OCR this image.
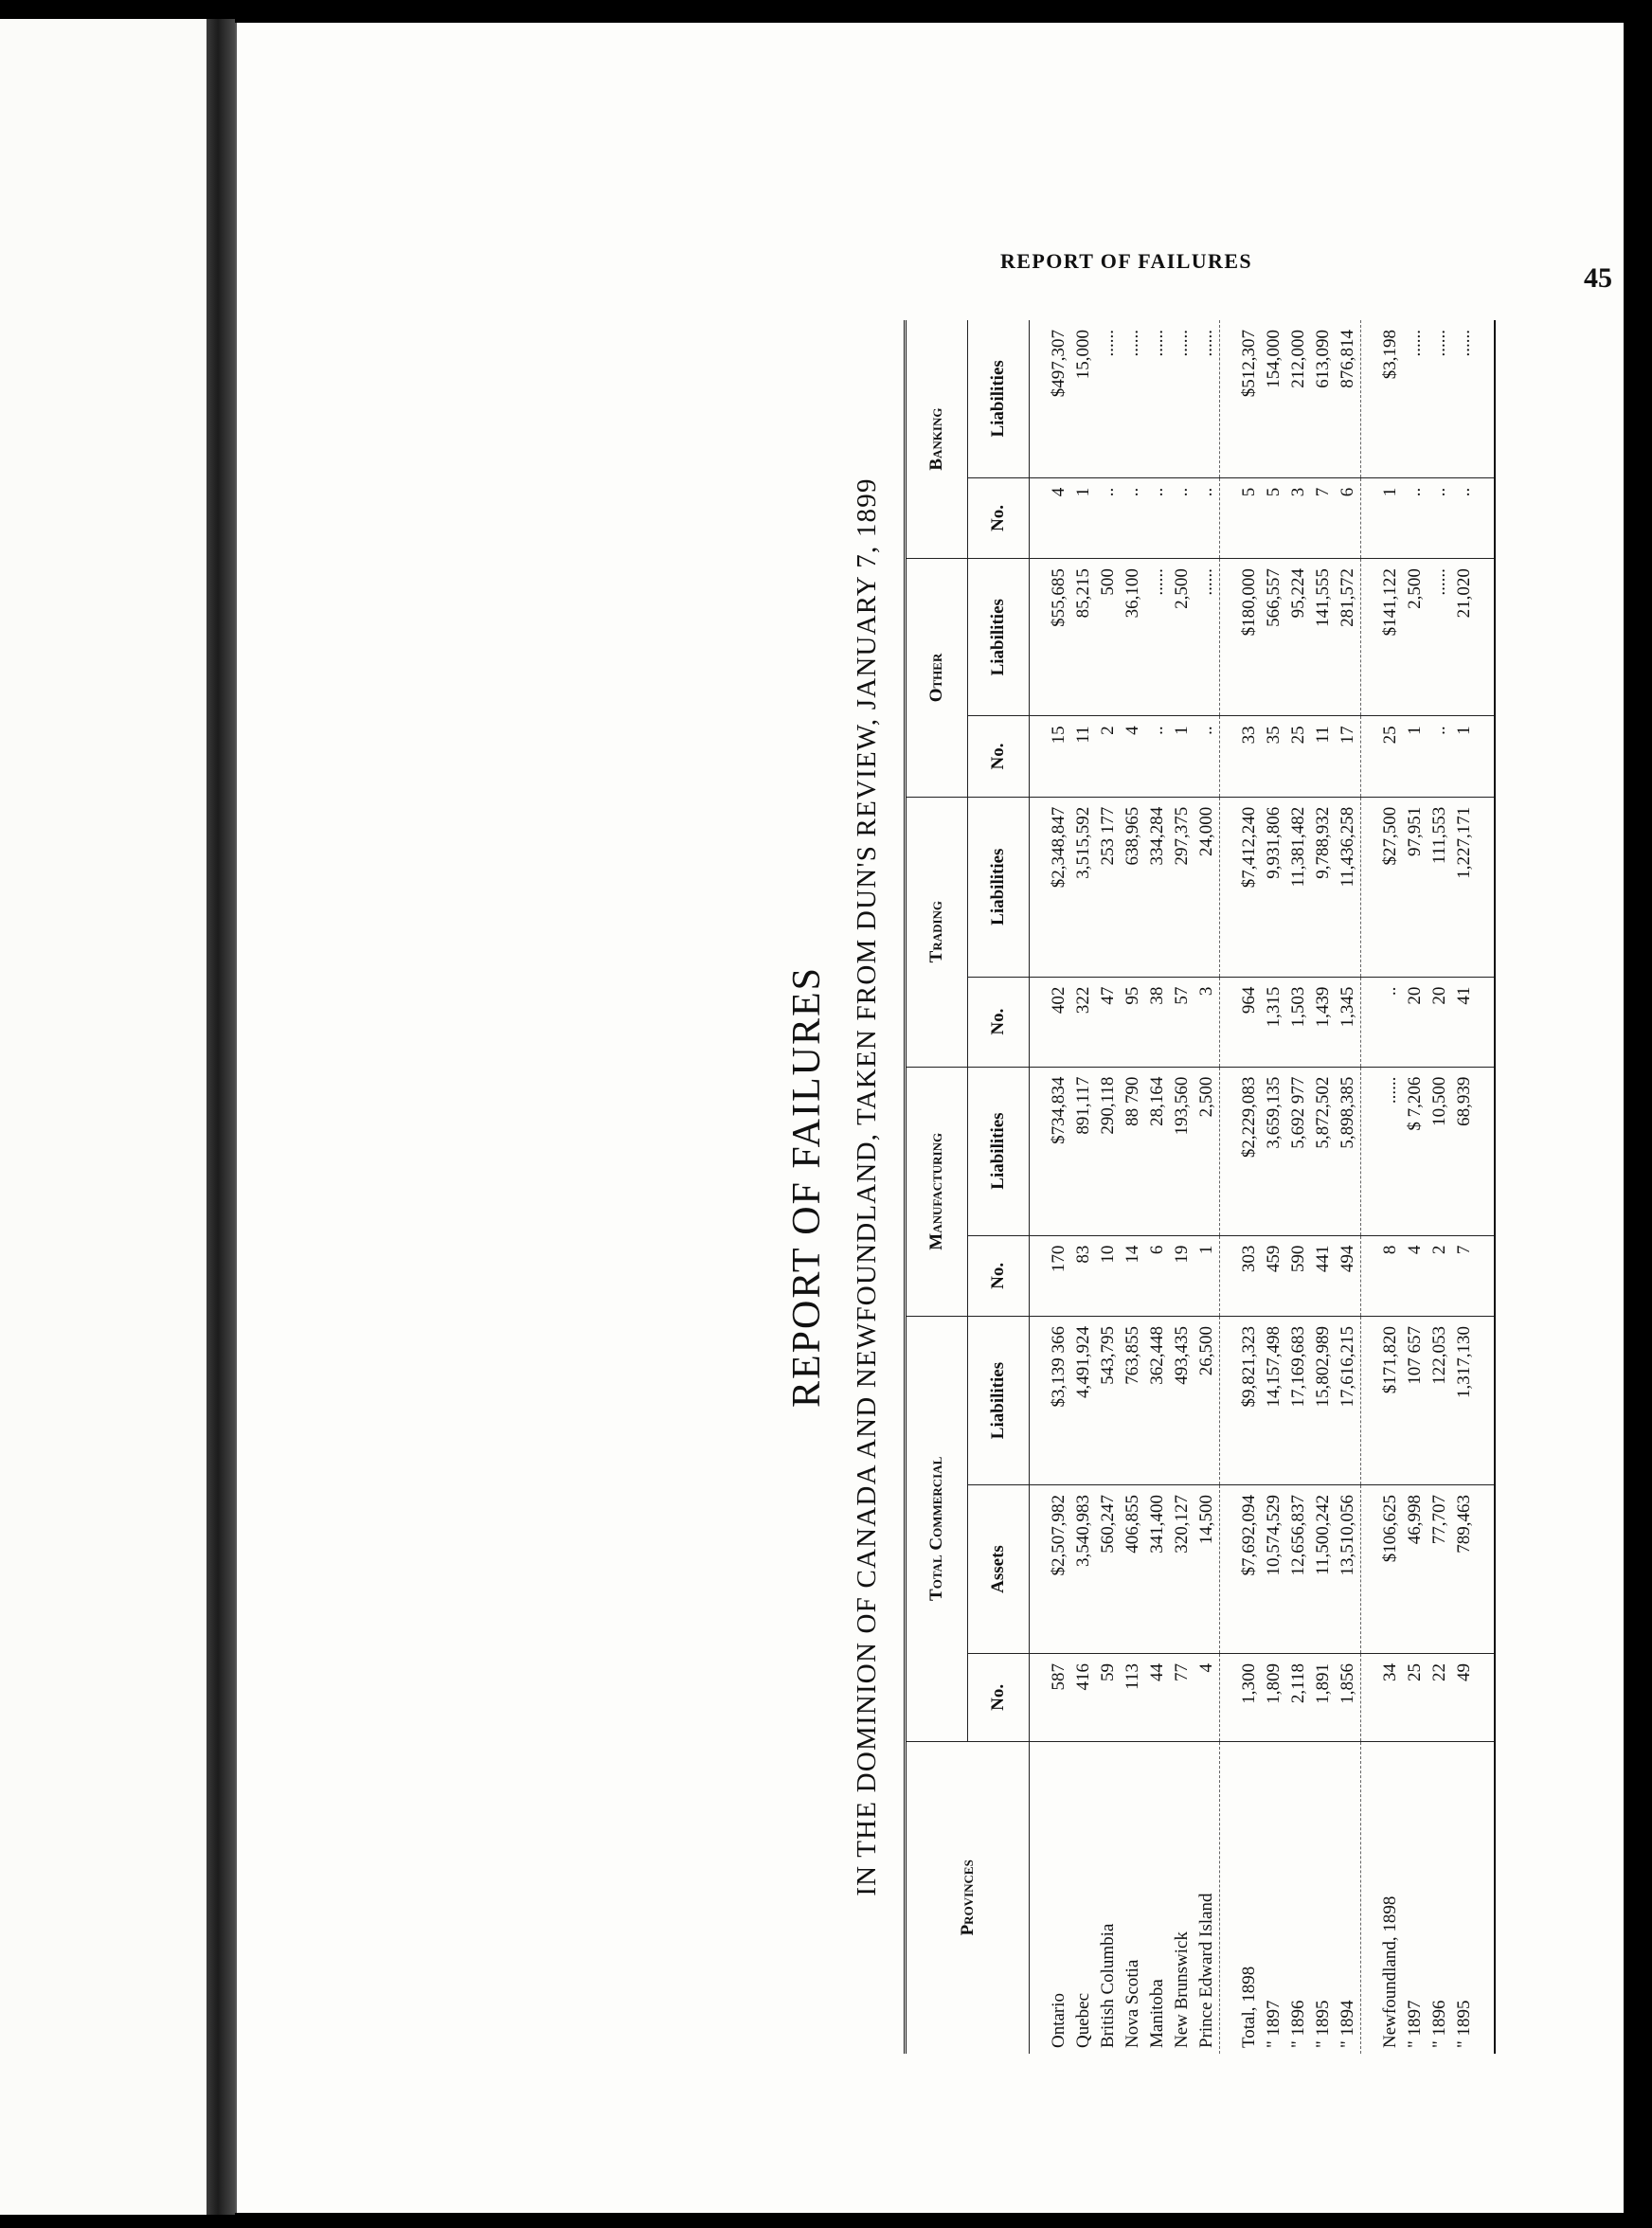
REPORT OF FAILURES
45
REPORT OF FAILURES IN THE DOMINION OF CANADA AND NEWFOUNDLAND, TAKEN FROM DUN'S REVIEW, JANUARY 7, 1899
Provinces	Total Commercial			Manufacturing		Trading		Other		Banking	
	No.	Assets	Liabilities	No.	Liabilities	No.	Liabilities	No.	Liabilities	No.	Liabilities

Ontario	587	$2,507,982	$3,139 366	170	$734,834	402	$2,348,847	15	$55,685	4	$497,307
Quebec	416	3,540,983	4,491,924	83	891,117	322	3,515,592	11	85,215	1	15,000
British Columbia	59	560,247	543,795	10	290,118	47	253 177	2	500	..	......
Nova Scotia	113	406,855	763,855	14	88 790	95	638,965	4	36,100	..	......
Manitoba	44	341,400	362,448	6	28,164	38	334,284	..	......	..	......
New Brunswick	77	320,127	493,435	19	193,560	57	297,375	1	2,500	..	......
Prince Edward Island	4	14,500	26,500	1	2,500	3	24,000	..	......	..	......

Total, 1898	1,300	$7,692,094	$9,821,323	303	$2,229,083	964	$7,412,240	33	$180,000	5	$512,307
" 1897	1,809	10,574,529	14,157,498	459	3,659,135	1,315	9,931,806	35	566,557	5	154,000
" 1896	2,118	12,656,837	17,169,683	590	5,692 977	1,503	11,381,482	25	95,224	3	212,000
" 1895	1,891	11,500,242	15,802,989	441	5,872,502	1,439	9,788,932	11	141,555	7	613,090
" 1894	1,856	13,510,056	17,616,215	494	5,898,385	1,345	11,436,258	17	281,572	6	876,814

Newfoundland, 1898	34	$106,625	$171,820	8	......	..	$27,500	25	$141,122	1	$3,198
" 1897	25	46,998	107 657	4	$ 7,206	20	97,951	1	2,500	..	......
" 1896	22	77,707	122,053	2	10,500	20	111,553	..	......	..	......
" 1895	49	789,463	1,317,130	7	68,939	41	1,227,171	1	21,020	..	......
